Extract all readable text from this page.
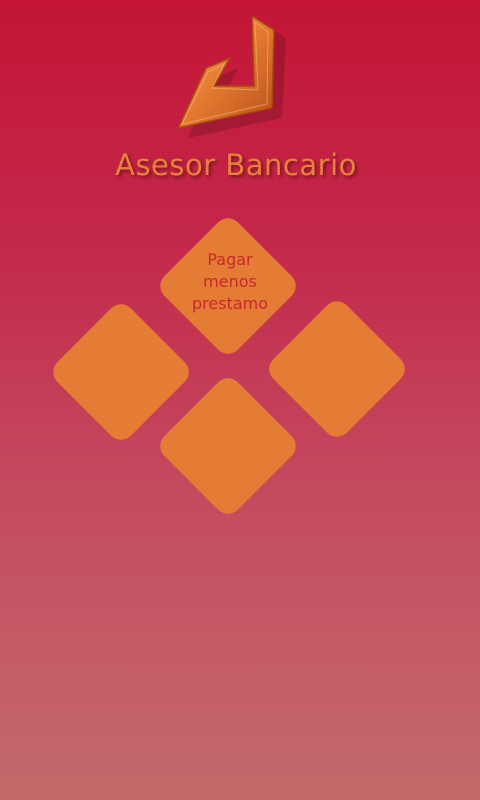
Asesor Bancario
Pagar
menos
prestamo
